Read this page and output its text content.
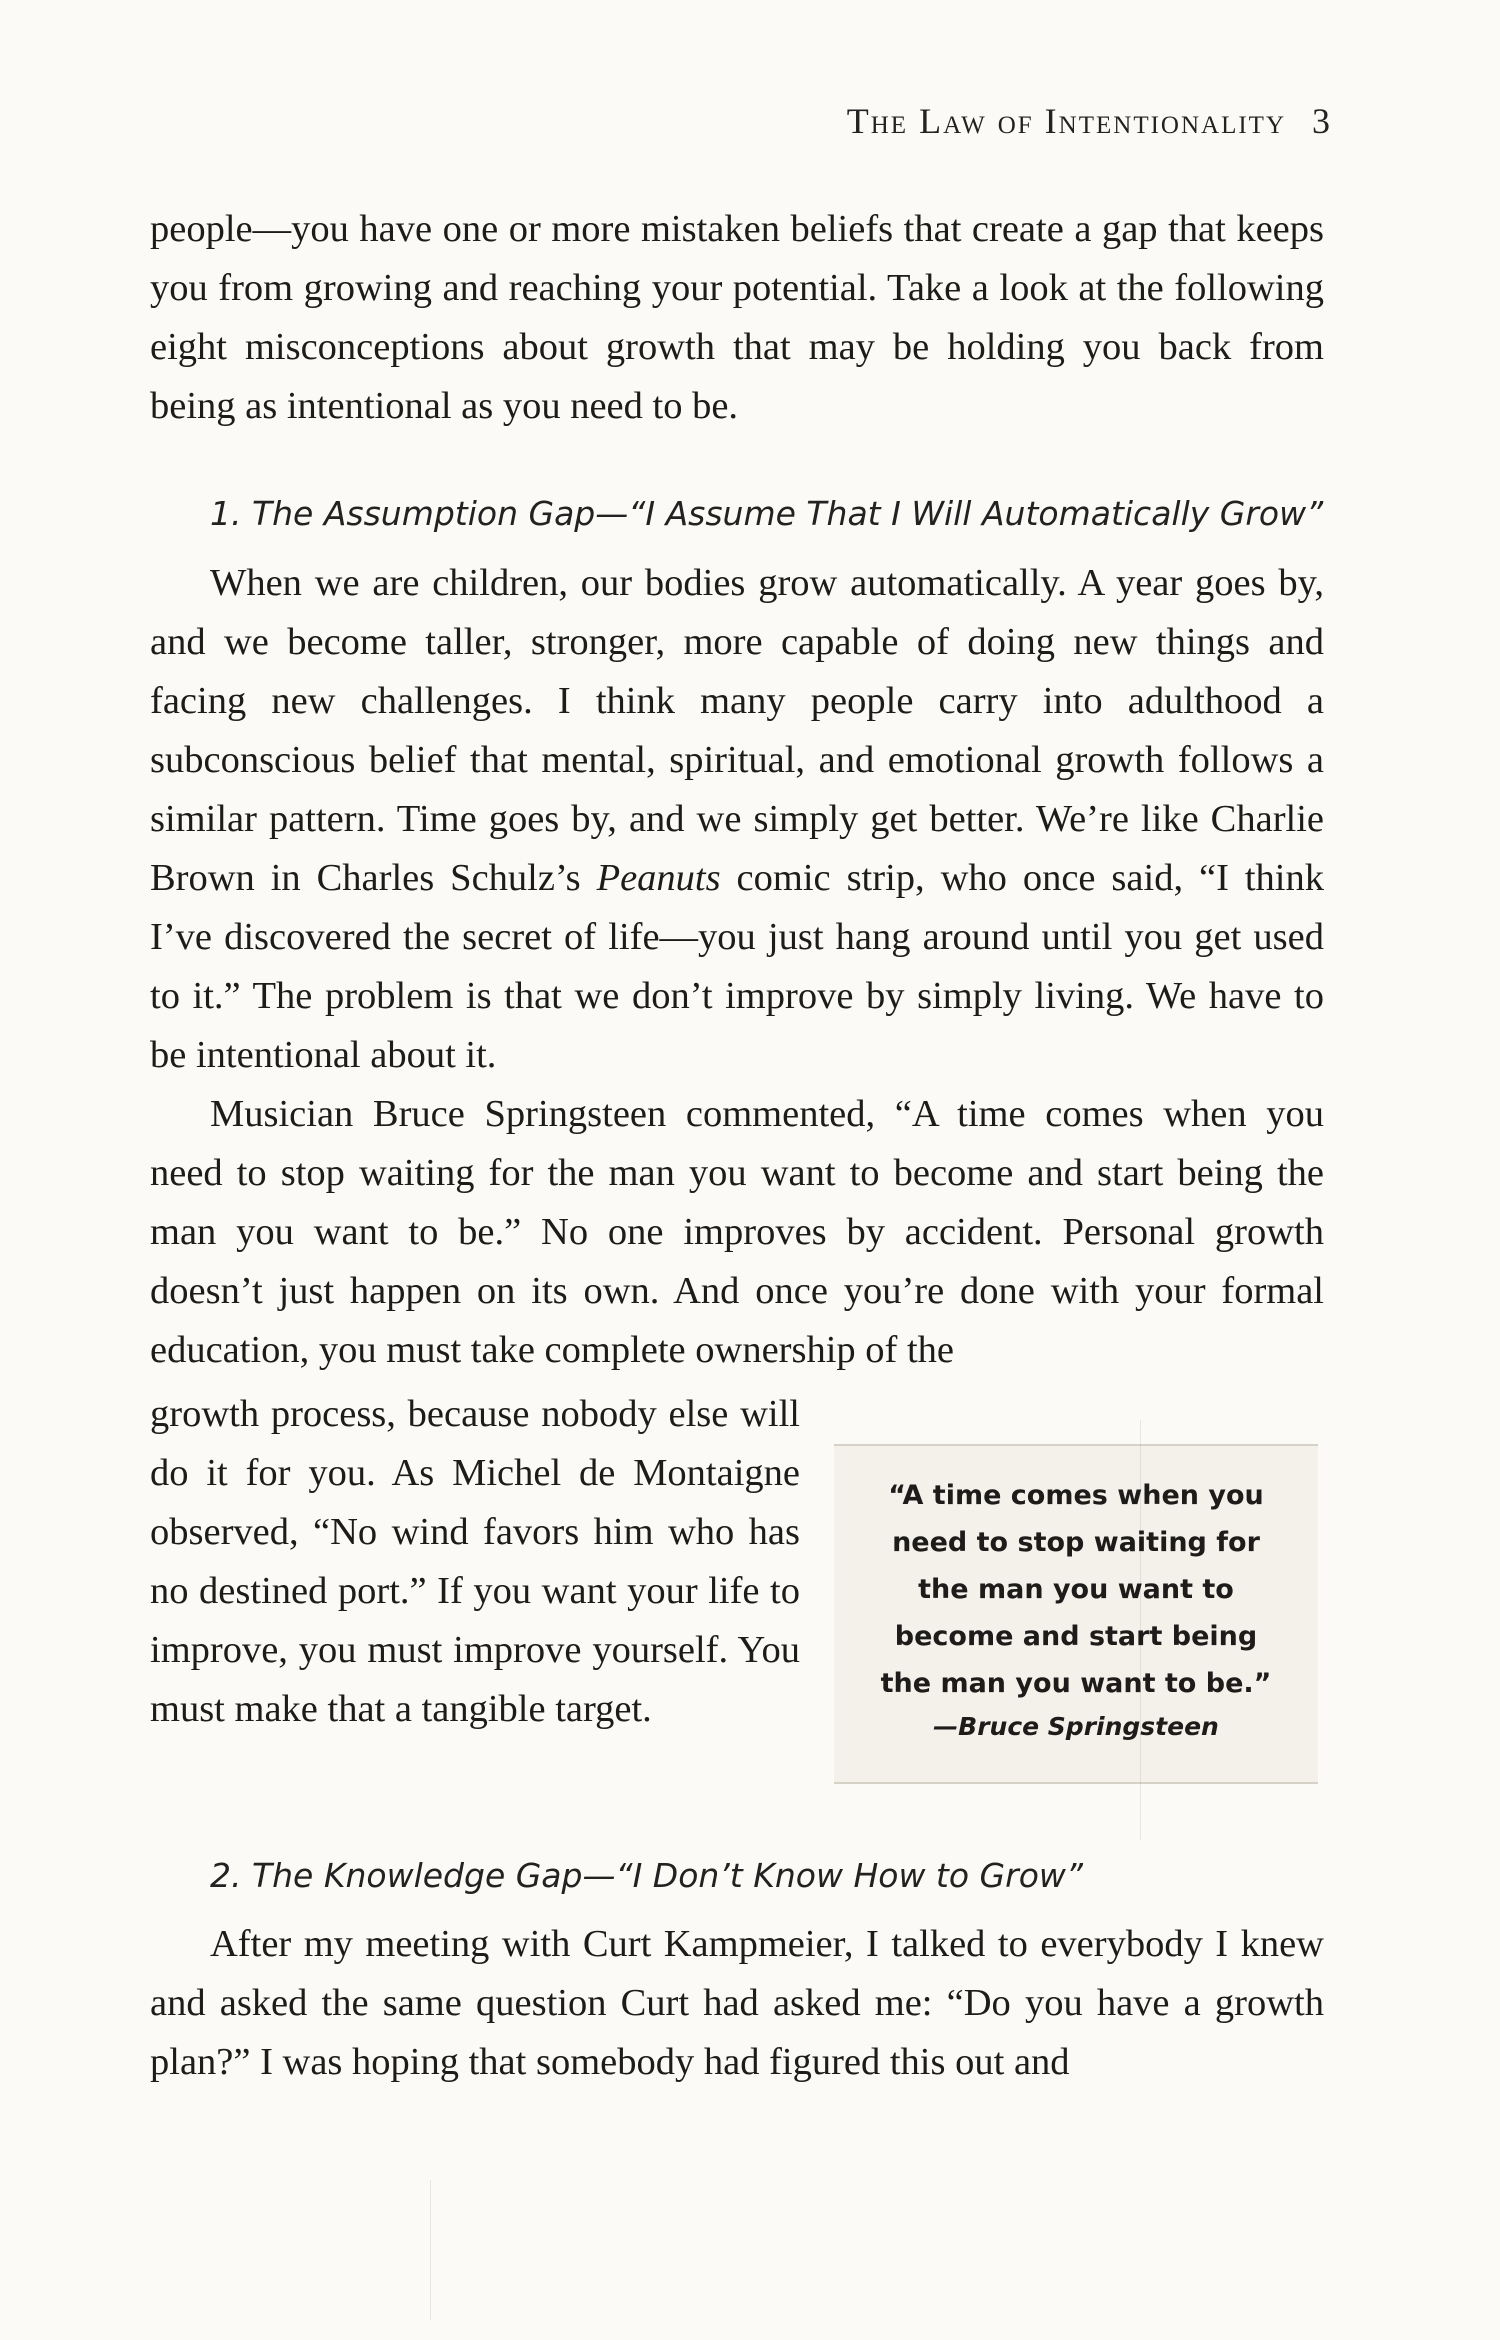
The Law of Intentionality 3

people—you have one or more mistaken beliefs that create a gap that keeps you from growing and reaching your potential. Take a look at the following eight misconceptions about growth that may be holding you back from being as intentional as you need to be.

1. The Assumption Gap—“I Assume That I Will Automatically Grow”

When we are children, our bodies grow automatically. A year goes by, and we become taller, stronger, more capable of doing new things and facing new challenges. I think many people carry into adulthood a subconscious belief that mental, spiritual, and emotional growth follows a similar pattern. Time goes by, and we simply get better. We’re like Charlie Brown in Charles Schulz’s Peanuts comic strip, who once said, “I think I’ve discovered the secret of life—you just hang around until you get used to it.” The problem is that we don’t improve by simply living. We have to be intentional about it.

Musician Bruce Springsteen commented, “A time comes when you need to stop waiting for the man you want to become and start being the man you want to be.” No one improves by accident. Personal growth doesn’t just happen on its own. And once you’re done with your formal education, you must take complete ownership of the

growth process, because nobody else will do it for you. As Michel de Montaigne observed, “No wind favors him who has no destined port.” If you want your life to improve, you must improve yourself. You must make that a tangible target.

“A time comes when you need to stop waiting for the man you want to become and start being the man you want to be.”
—Bruce Springsteen
2. The Knowledge Gap—“I Don’t Know How to Grow”

After my meeting with Curt Kampmeier, I talked to everybody I knew and asked the same question Curt had asked me: “Do you have a growth plan?” I was hoping that somebody had figured this out and
